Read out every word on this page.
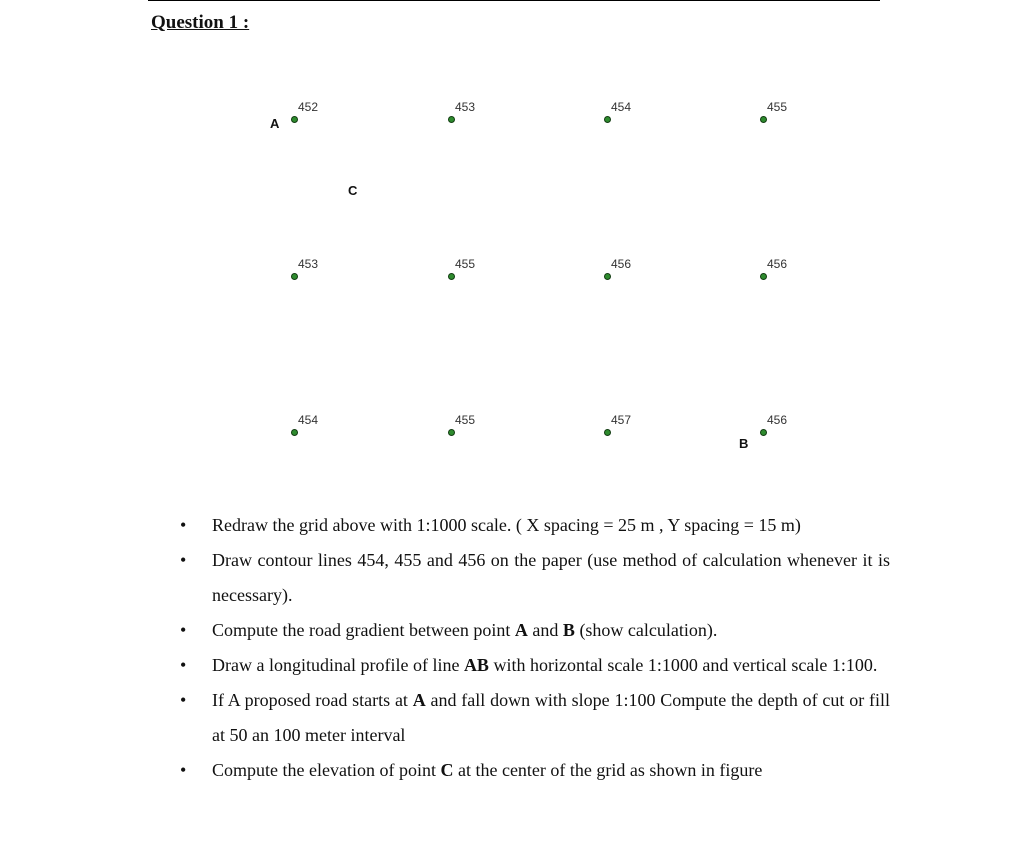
Question 1 :
452	453	454	455
453	455	456	456
454	455	457	456
A
C
B
• Redraw the grid above with 1:1000 scale. ( X spacing = 25 m , Y spacing = 15 m)
• Draw contour lines 454, 455 and 456 on the paper (use method of calculation whenever it is necessary).
• Compute the road gradient between point A and B (show calculation).
• Draw a longitudinal profile of line AB with horizontal scale 1:1000 and vertical scale 1:100.
• If A proposed road starts at A and fall down with slope 1:100 Compute the depth of cut or fill at 50 an 100 meter interval
• Compute the elevation of point C at the center of the grid as shown in figure
